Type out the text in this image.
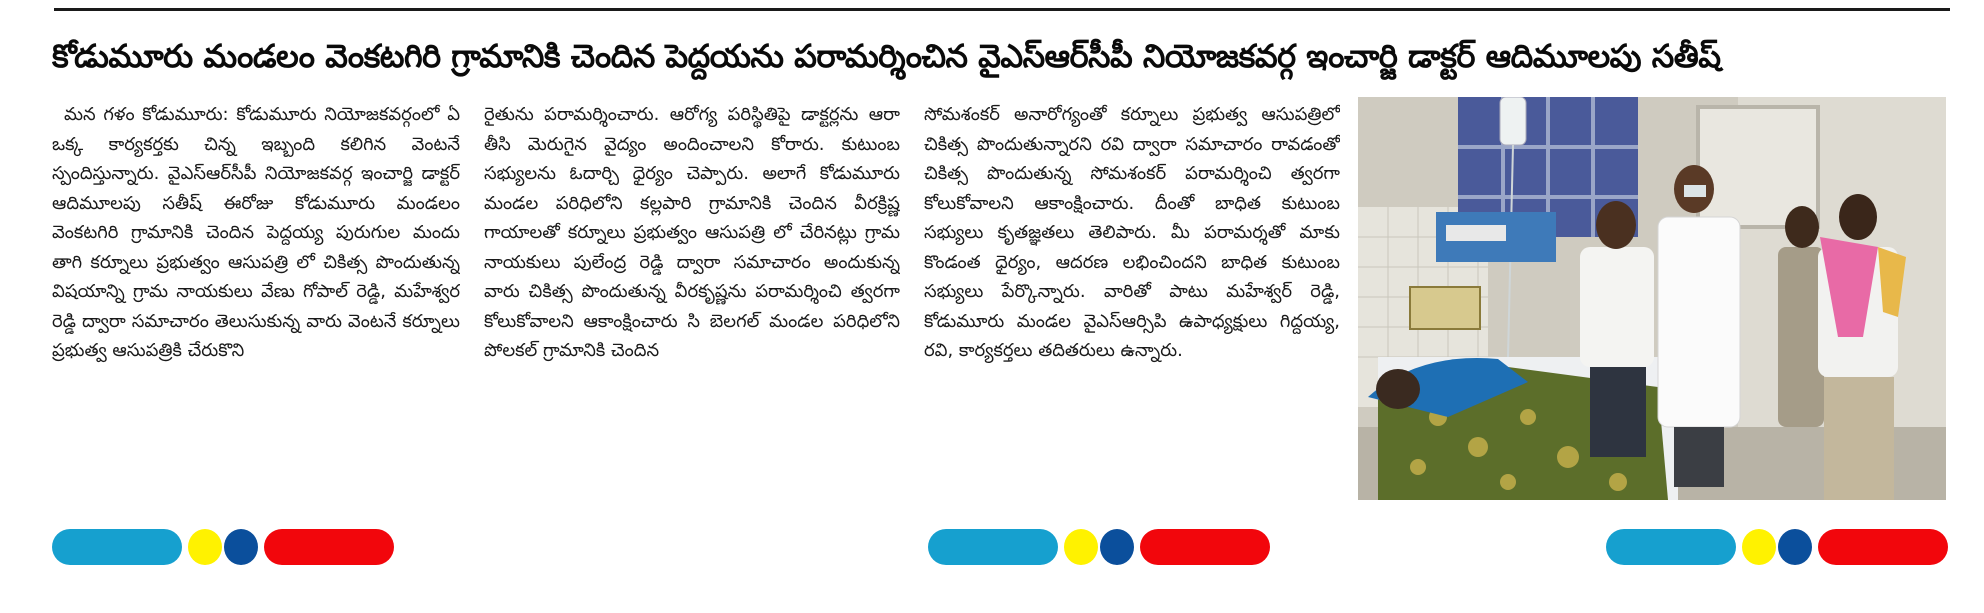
కోడుమూరు మండలం వెంకటగిరి గ్రామానికి చెందిన పెద్దయను పరామర్శించిన వైఎస్ఆర్‌సీపీ నియోజకవర్గ ఇంచార్జి డాక్టర్ ఆదిమూలపు సతీష్
మన గళం కోడుమూరు: కోడుమూరు నియోజకవర్గంలో ఏ ఒక్క కార్యకర్తకు చిన్న ఇబ్బంది కలిగిన వెంటనే స్పందిస్తున్నారు. వైఎస్ఆర్‌సీపీ నియోజకవర్గ ఇంచార్జి డాక్టర్ ఆదిమూలపు సతీష్ ఈరోజు కోడుమూరు మండలం వెంకటగిరి గ్రామానికి చెందిన పెద్దయ్య పురుగుల మందు తాగి కర్నూలు ప్రభుత్వం ఆసుపత్రి లో చికిత్స పొందుతున్న విషయాన్ని గ్రామ నాయకులు వేణు గోపాల్ రెడ్డి, మహేశ్వర రెడ్డి ద్వారా సమాచారం తెలుసుకున్న వారు వెంటనే కర్నూలు ప్రభుత్వ ఆసుపత్రికి చేరుకొని
రైతును పరామర్శించారు. ఆరోగ్య పరిస్థితిపై డాక్టర్లను ఆరా తీసి మెరుగైన వైద్యం అందించాలని కోరారు. కుటుంబ సభ్యులను ఓదార్చి ధైర్యం చెప్పారు. అలాగే కోడుమూరు మండల పరిధిలోని కల్లపారి గ్రామానికి చెందిన వీరక్రిష్ణ గాయాలతో కర్నూలు ప్రభుత్వం ఆసుపత్రి లో చేరినట్లు గ్రామ నాయకులు పులేంద్ర రెడ్డి ద్వారా సమాచారం అందుకున్న వారు చికిత్స పొందుతున్న వీరకృష్ణను పరామర్శించి త్వరగా కోలుకోవాలని ఆకాంక్షించారు సి బెలగల్ మండల పరిధిలోని పోలకల్ గ్రామానికి చెందిన
సోమశంకర్ అనారోగ్యంతో కర్నూలు ప్రభుత్వ ఆసుపత్రిలో చికిత్స పొందుతున్నారని రవి ద్వారా సమాచారం రావడంతో చికిత్స పొందుతున్న సోమశంకర్ పరామర్శించి త్వరగా కోలుకోవాలని ఆకాంక్షించారు. దీంతో బాధిత కుటుంబ సభ్యులు కృతజ్ఞతలు తెలిపారు. మీ పరామర్శతో మాకు కొండంత ధైర్యం, ఆదరణ లభించిందని బాధిత కుటుంబ సభ్యులు పేర్కొన్నారు. వారితో పాటు మహేశ్వర్ రెడ్డి, కోడుమూరు మండల వైఎస్ఆర్సిపి ఉపాధ్యక్షులు గిద్దయ్య, రవి, కార్యకర్తలు తదితరులు ఉన్నారు.
